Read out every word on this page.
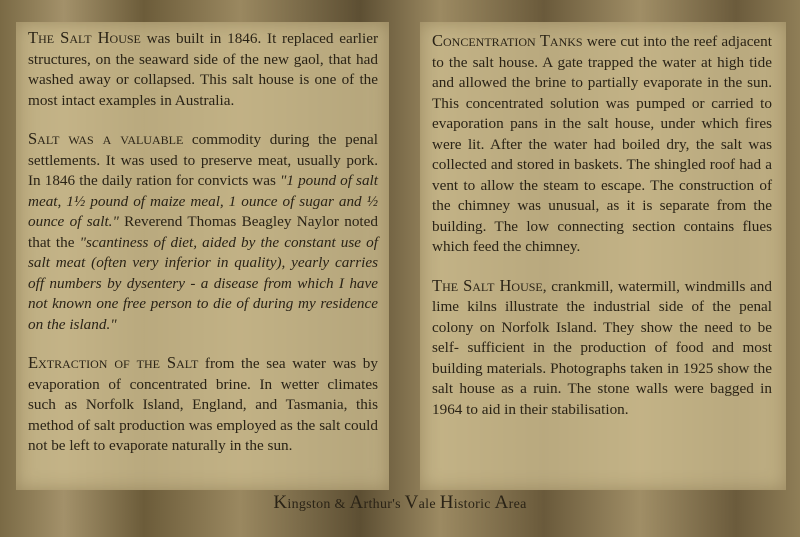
The Salt House was built in 1846. It replaced earlier structures, on the seaward side of the new gaol, that had washed away or collapsed. This salt house is one of the most intact examples in Australia.

Salt was a valuable commodity during the penal settlements. It was used to preserve meat, usually pork. In 1846 the daily ration for convicts was "1 pound of salt meat, 1½ pound of maize meal, 1 ounce of sugar and ½ ounce of salt." Reverend Thomas Beagley Naylor noted that the "scantiness of diet, aided by the constant use of salt meat (often very inferior in quality), yearly carries off numbers by dysentery - a disease from which I have not known one free person to die of during my residence on the island."

Extraction of the Salt from the sea water was by evaporation of concentrated brine. In wetter climates such as Norfolk Island, England, and Tasmania, this method of salt production was employed as the salt could not be left to evaporate naturally in the sun.

Concentration Tanks were cut into the reef adjacent to the salt house. A gate trapped the water at high tide and allowed the brine to partially evaporate in the sun. This concentrated solution was pumped or carried to evaporation pans in the salt house, under which fires were lit. After the water had boiled dry, the salt was collected and stored in baskets. The shingled roof had a vent to allow the steam to escape. The construction of the chimney was unusual, as it is separate from the building. The low connecting section contains flues which feed the chimney.

The Salt House, crankmill, watermill, windmills and lime kilns illustrate the industrial side of the penal colony on Norfolk Island. They show the need to be self- sufficient in the production of food and most building materials. Photographs taken in 1925 show the salt house as a ruin. The stone walls were bagged in 1964 to aid in their stabilisation.

Kingston & Arthur's Vale Historic Area
